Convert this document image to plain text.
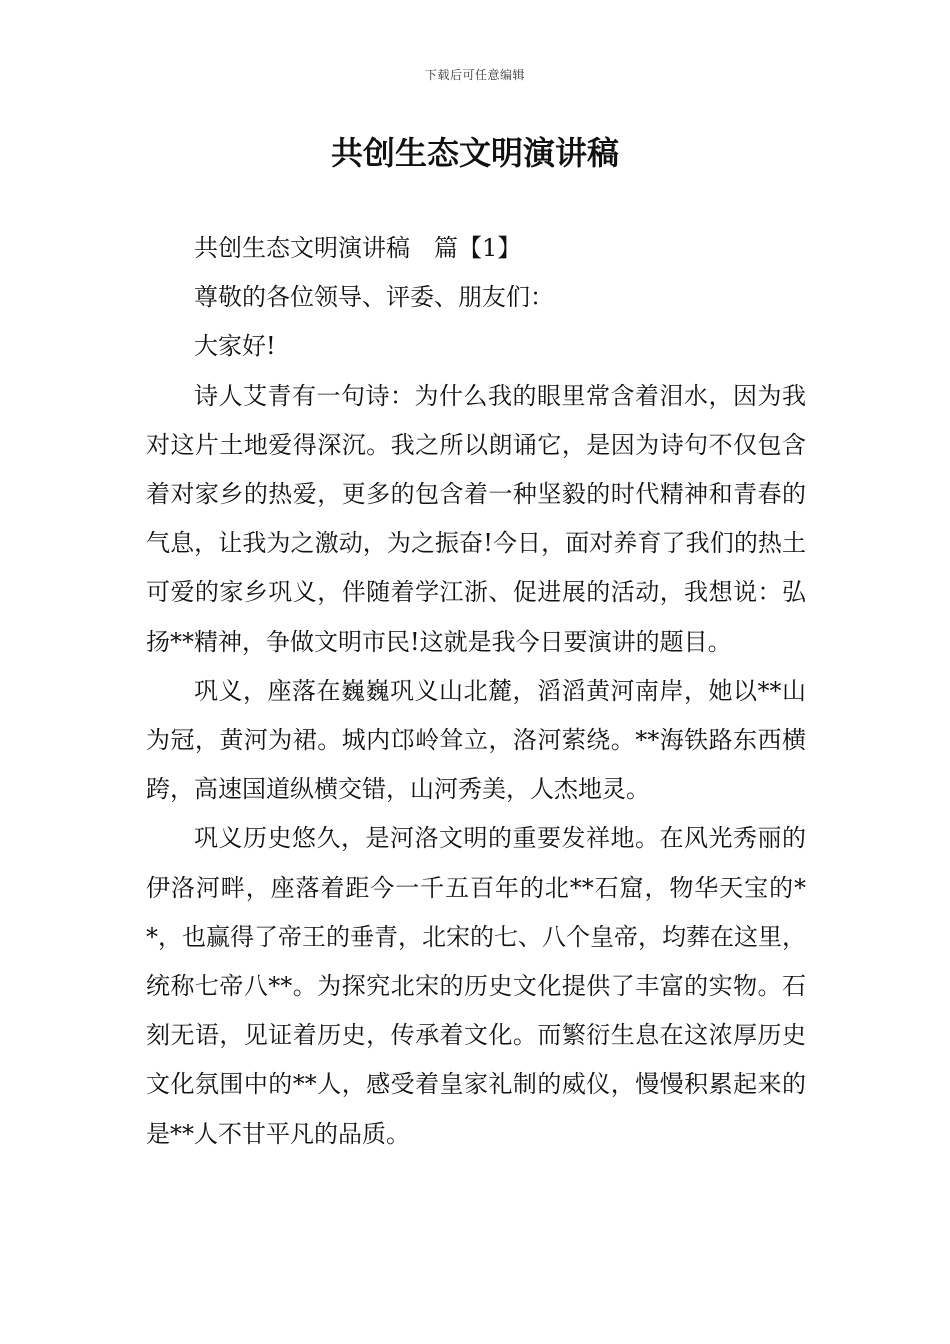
下载后可任意编辑
共创生态文明演讲稿

共创生态文明演讲稿　篇【1】

尊敬的各位领导、评委、朋友们：

大家好!

诗人艾青有一句诗：为什么我的眼里常含着泪水，因为我对这片土地爱得深沉。我之所以朗诵它，是因为诗句不仅包含着对家乡的热爱，更多的包含着一种坚毅的时代精神和青春的气息，让我为之激动，为之振奋!今日，面对养育了我们的热土可爱的家乡巩义，伴随着学江浙、促进展的活动，我想说：弘扬**精神，争做文明市民!这就是我今日要演讲的题目。

巩义，座落在巍巍巩义山北麓，滔滔黄河南岸，她以**山为冠，黄河为裙。城内邙岭耸立，洛河萦绕。**海铁路东西横跨，高速国道纵横交错，山河秀美，人杰地灵。

巩义历史悠久，是河洛文明的重要发祥地。在风光秀丽的伊洛河畔，座落着距今一千五百年的北**石窟，物华天宝的**，也赢得了帝王的垂青，北宋的七、八个皇帝，均葬在这里，统称七帝八**。为探究北宋的历史文化提供了丰富的实物。石刻无语，见证着历史，传承着文化。而繁衍生息在这浓厚历史文化氛围中的**人，感受着皇家礼制的威仪，慢慢积累起来的是**人不甘平凡的品质。
